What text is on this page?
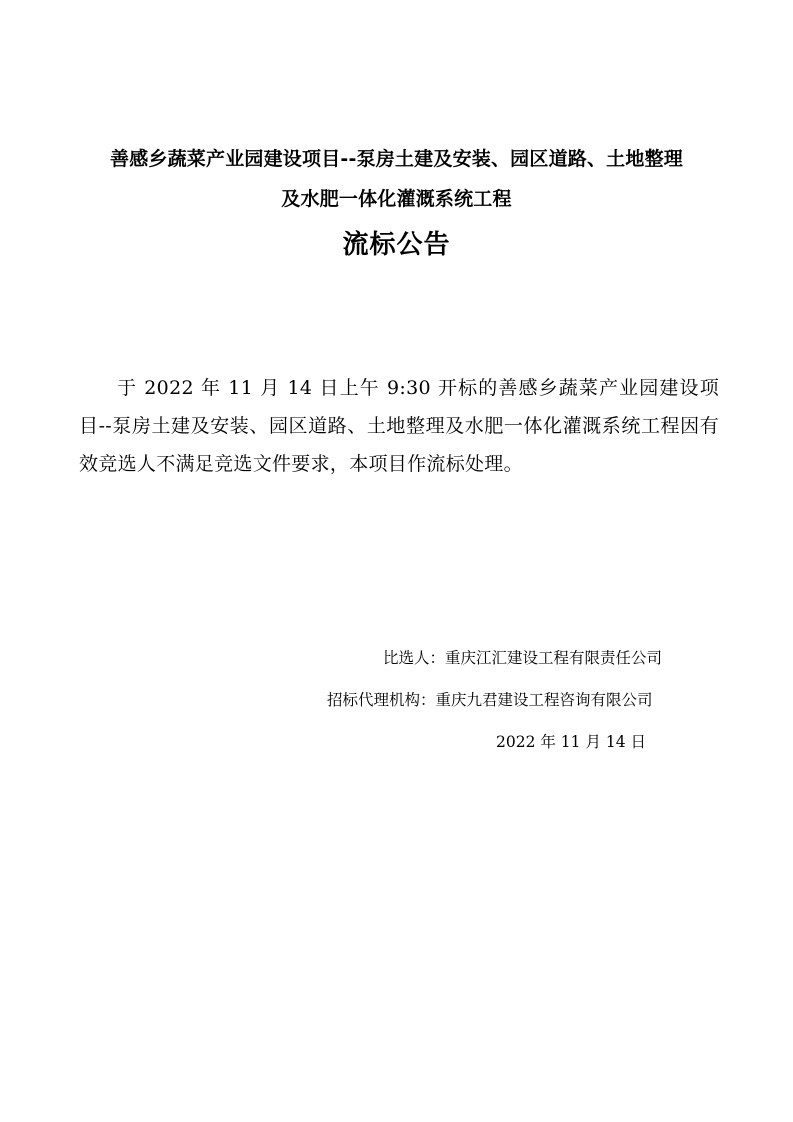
善感乡蔬菜产业园建设项目--泵房土建及安装、园区道路、土地整理
及水肥一体化灌溉系统工程
流标公告

于 2022 年 11 月 14 日上午 9:30 开标的善感乡蔬菜产业园建设项目--泵房土建及安装、园区道路、土地整理及水肥一体化灌溉系统工程因有效竞选人不满足竞选文件要求，本项目作流标处理。

比选人：重庆江汇建设工程有限责任公司
招标代理机构：重庆九君建设工程咨询有限公司
2022 年 11 月 14 日
